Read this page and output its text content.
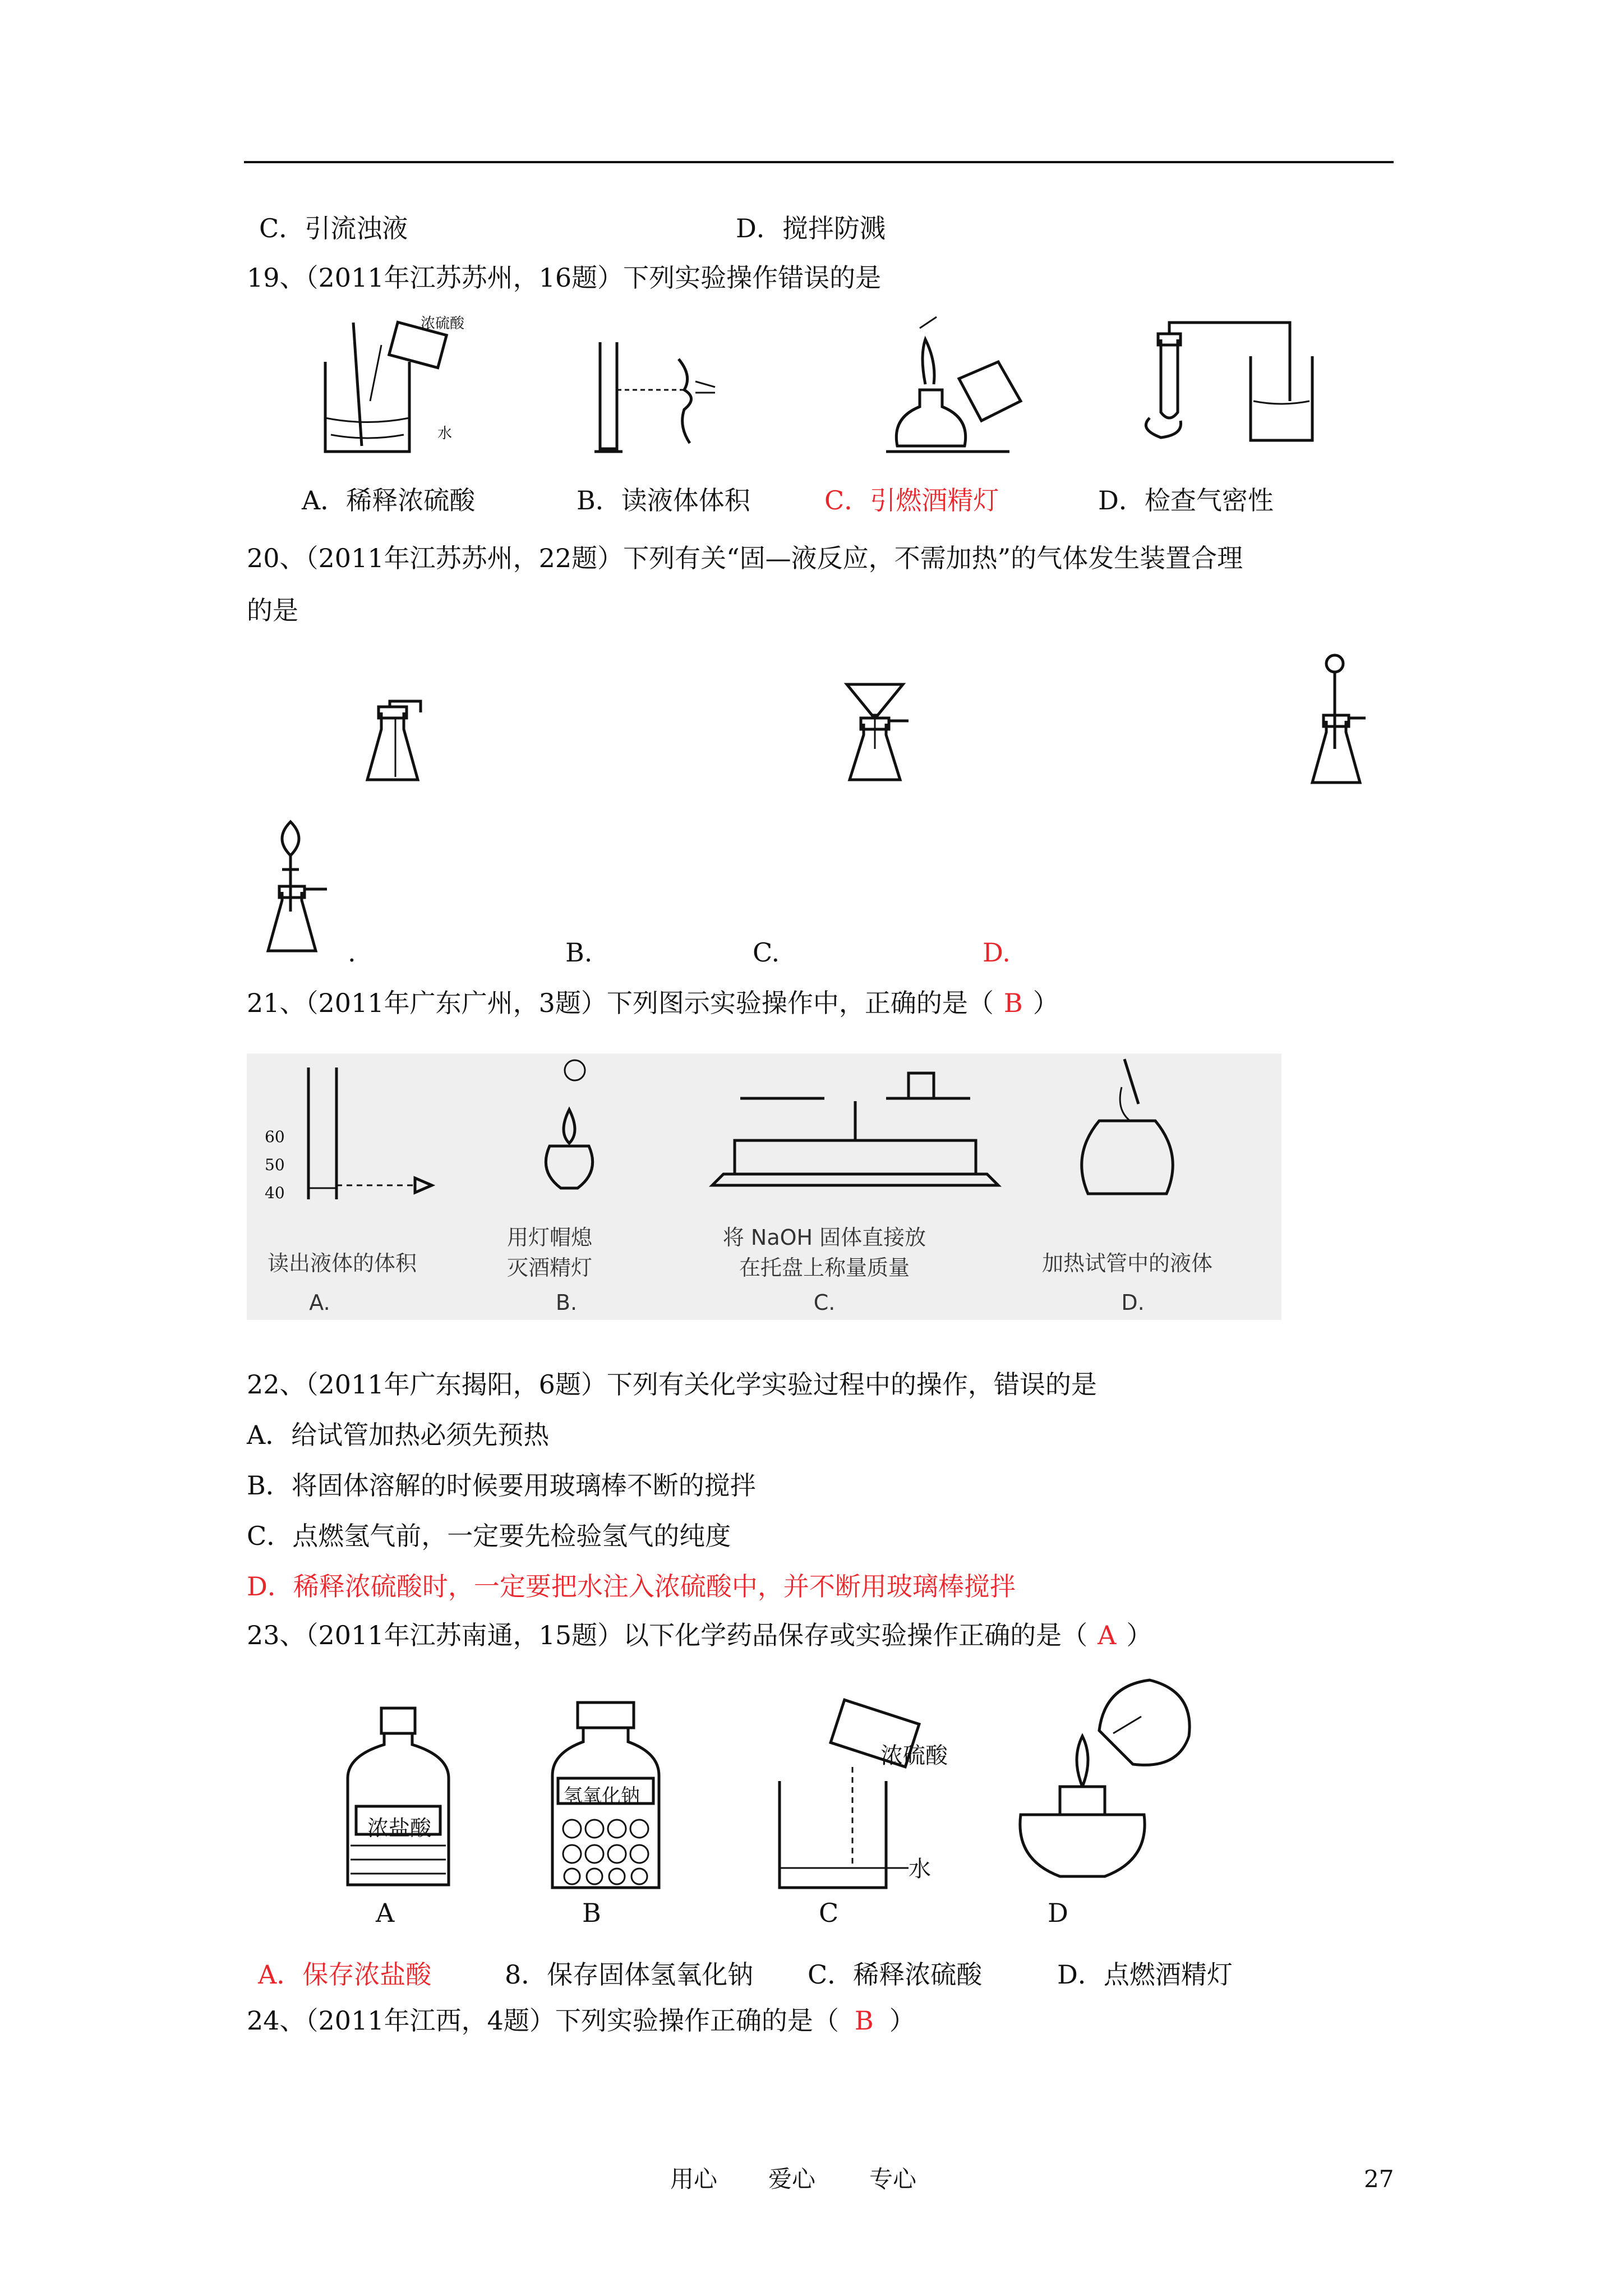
C．引流浊液	D．搅拌防溅
19、（2011年江苏苏州，16题）下列实验操作错误的是
浓硫酸
水
A．稀释浓硫酸	B．读液体体积	C．引燃酒精灯	D．检查气密性
20、（2011年江苏苏州，22题）下列有关“固—液反应，不需加热”的气体发生装置合理
的是
.	B.	C.	D.
21、（2011年广东广州，3题）下列图示实验操作中，正确的是（ B ）
60
50
40
读出液体的体积
用灯帽熄
灭酒精灯
将 NaOH 固体直接放
在托盘上称量质量	加热试管中的液体
A.	B.	C.	D.
22、（2011年广东揭阳，6题）下列有关化学实验过程中的操作，错误的是
A．给试管加热必须先预热
B．将固体溶解的时候要用玻璃棒不断的搅拌
C．点燃氢气前，一定要先检验氢气的纯度
D．稀释浓硫酸时，一定要把水注入浓硫酸中，并不断用玻璃棒搅拌
23、（2011年江苏南通，15题）以下化学药品保存或实验操作正确的是（ A ）
浓盐酸
氢氧化钠
浓硫酸
水
A	B	C	D
A．保存浓盐酸	8．保存固体氢氧化钠 C．稀释浓硫酸	D．点燃酒精灯
24、（2011年江西，4题）下列实验操作正确的是（ B ）
用心 爱心 专心	27
